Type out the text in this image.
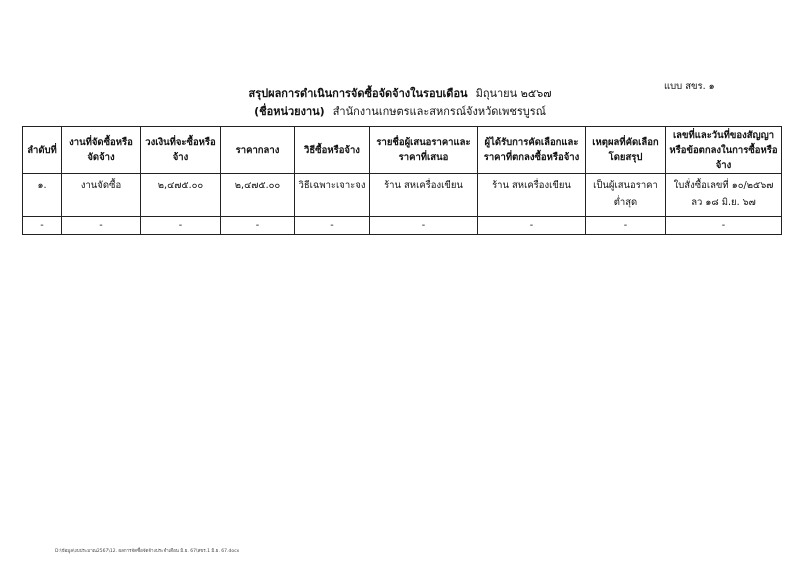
แบบ สขร. ๑
สรุปผลการดำเนินการจัดซื้อจัดจ้างในรอบเดือน มิถุนายน ๒๕๖๗
(ชื่อหน่วยงาน) สำนักงานเกษตรและสหกรณ์จังหวัดเพชรบูรณ์
ลำดับที่	งานที่จัดซื้อหรือจัดจ้าง	วงเงินที่จะซื้อหรือจ้าง	ราคากลาง	วิธีซื้อหรือจ้าง	รายชื่อผู้เสนอราคาและราคาที่เสนอ	ผู้ได้รับการคัดเลือกและราคาที่ตกลงซื้อหรือจ้าง	เหตุผลที่คัดเลือกโดยสรุป	เลขที่และวันที่ของสัญญาหรือข้อตกลงในการซื้อหรือจ้าง
๑.	งานจัดซื้อ	๒,๔๗๕.๐๐	๒,๔๗๕.๐๐	วิธีเฉพาะเจาะจง	ร้าน สหเครื่องเขียน	ร้าน สหเครื่องเขียน	เป็นผู้เสนอราคาต่ำสุด	ใบสั่งซื้อเลขที่ ๑๐/๒๕๖๗ ลว ๑๘ มิ.ย. ๖๗
-	-	-	-	-	-	-	-	-
D:\ข้อมูล\งบประมาณ2567\12. ผลการจัดซื้อจัดจ้างประจำเดือน มิ.ย. 67\สขร.1 มิ.ย. 67.docx
